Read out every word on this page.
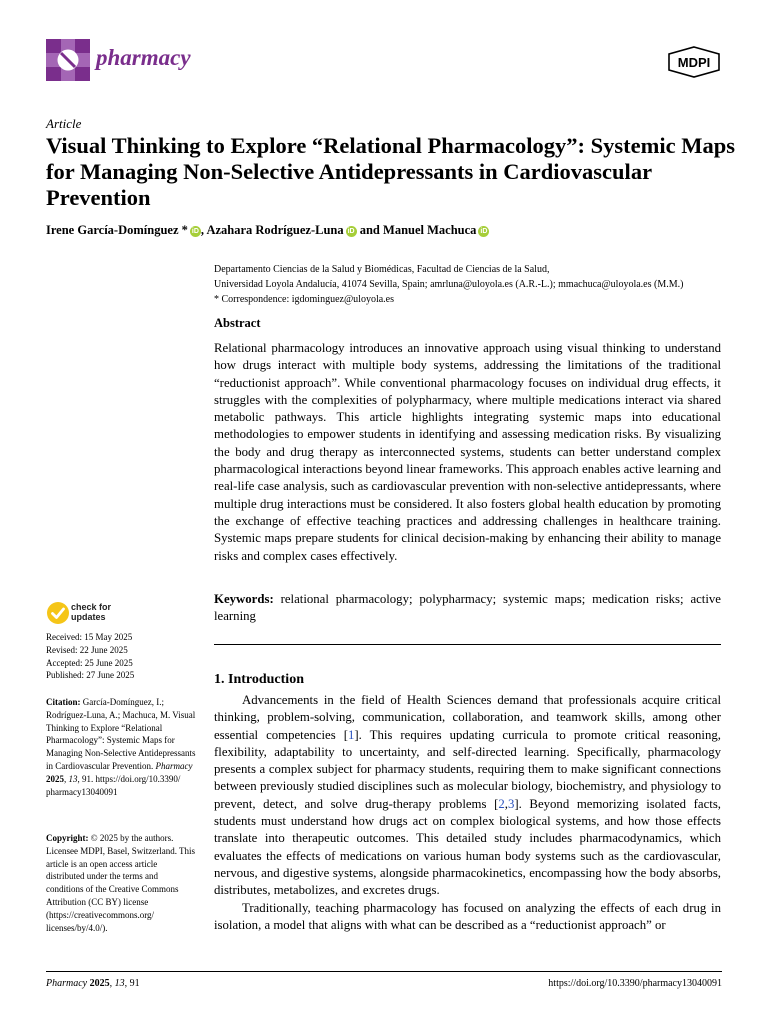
pharmacy	MDPI
Article
Visual Thinking to Explore “Relational Pharmacology”: Systemic Maps for Managing Non-Selective Antidepressants in Cardiovascular Prevention
Irene García-Domínguez * iD , Azahara Rodríguez-Luna iD and Manuel Machuca iD
Departamento Ciencias de la Salud y Biomédicas, Facultad de Ciencias de la Salud,
Universidad Loyola Andalucía, 41074 Sevilla, Spain; amrluna@uloyola.es (A.R.-L.); mmachuca@uloyola.es (M.M.)
* Correspondence: igdominguez@uloyola.es
Abstract
Relational pharmacology introduces an innovative approach using visual thinking to understand how drugs interact with multiple body systems, addressing the limitations of the traditional “reductionist approach”. While conventional pharmacology focuses on individual drug effects, it struggles with the complexities of polypharmacy, where multiple medications interact via shared metabolic pathways. This article highlights integrating systemic maps into educational methodologies to empower students in identifying and assessing medication risks. By visualizing the body and drug therapy as interconnected systems, students can better understand complex pharmacological interactions beyond linear frameworks. This approach enables active learning and real-life case analysis, such as cardiovascular prevention with non-selective antidepressants, where multiple drug interactions must be considered. It also fosters global health education by promoting the exchange of effective teaching practices and addressing challenges in healthcare training. Systemic maps prepare students for clinical decision-making by enhancing their ability to manage risks and complex cases effectively.
Keywords: relational pharmacology; polypharmacy; systemic maps; medication risks; active learning
1. Introduction

Advancements in the field of Health Sciences demand that professionals acquire critical thinking, problem-solving, communication, collaboration, and teamwork skills, among other essential competencies [1]. This requires updating curricula to promote critical reasoning, flexibility, adaptability to uncertainty, and self-directed learning. Specifically, pharmacology presents a complex subject for pharmacy students, requiring them to make significant connections between previously studied disciplines such as molecular biology, biochemistry, and physiology to prevent, detect, and solve drug-therapy problems [2,3]. Beyond memorizing isolated facts, students must understand how drugs act on complex biological systems, and how those effects translate into therapeutic outcomes. This detailed study includes pharmacodynamics, which evaluates the effects of medications on various human body systems such as the cardiovascular, nervous, and digestive systems, alongside pharmacokinetics, encompassing how the body absorbs, distributes, metabolizes, and excretes drugs.

Traditionally, teaching pharmacology has focused on analyzing the effects of each drug in isolation, a model that aligns with what can be described as a “reductionist approach” or

check for
updates
Received: 15 May 2025
Revised: 22 June 2025
Accepted: 25 June 2025
Published: 27 June 2025
Citation: García-Domínguez, I.; Rodríguez-Luna, A.; Machuca, M. Visual Thinking to Explore “Relational Pharmacology”: Systemic Maps for Managing Non-Selective Antidepressants in Cardiovascular Prevention. Pharmacy 2025, 13, 91. https://doi.org/10.3390/ pharmacy13040091
Copyright: © 2025 by the authors. Licensee MDPI, Basel, Switzerland. This article is an open access article distributed under the terms and conditions of the Creative Commons Attribution (CC BY) license (https://creativecommons.org/ licenses/by/4.0/).
Pharmacy 2025, 13, 91	https://doi.org/10.3390/pharmacy13040091
